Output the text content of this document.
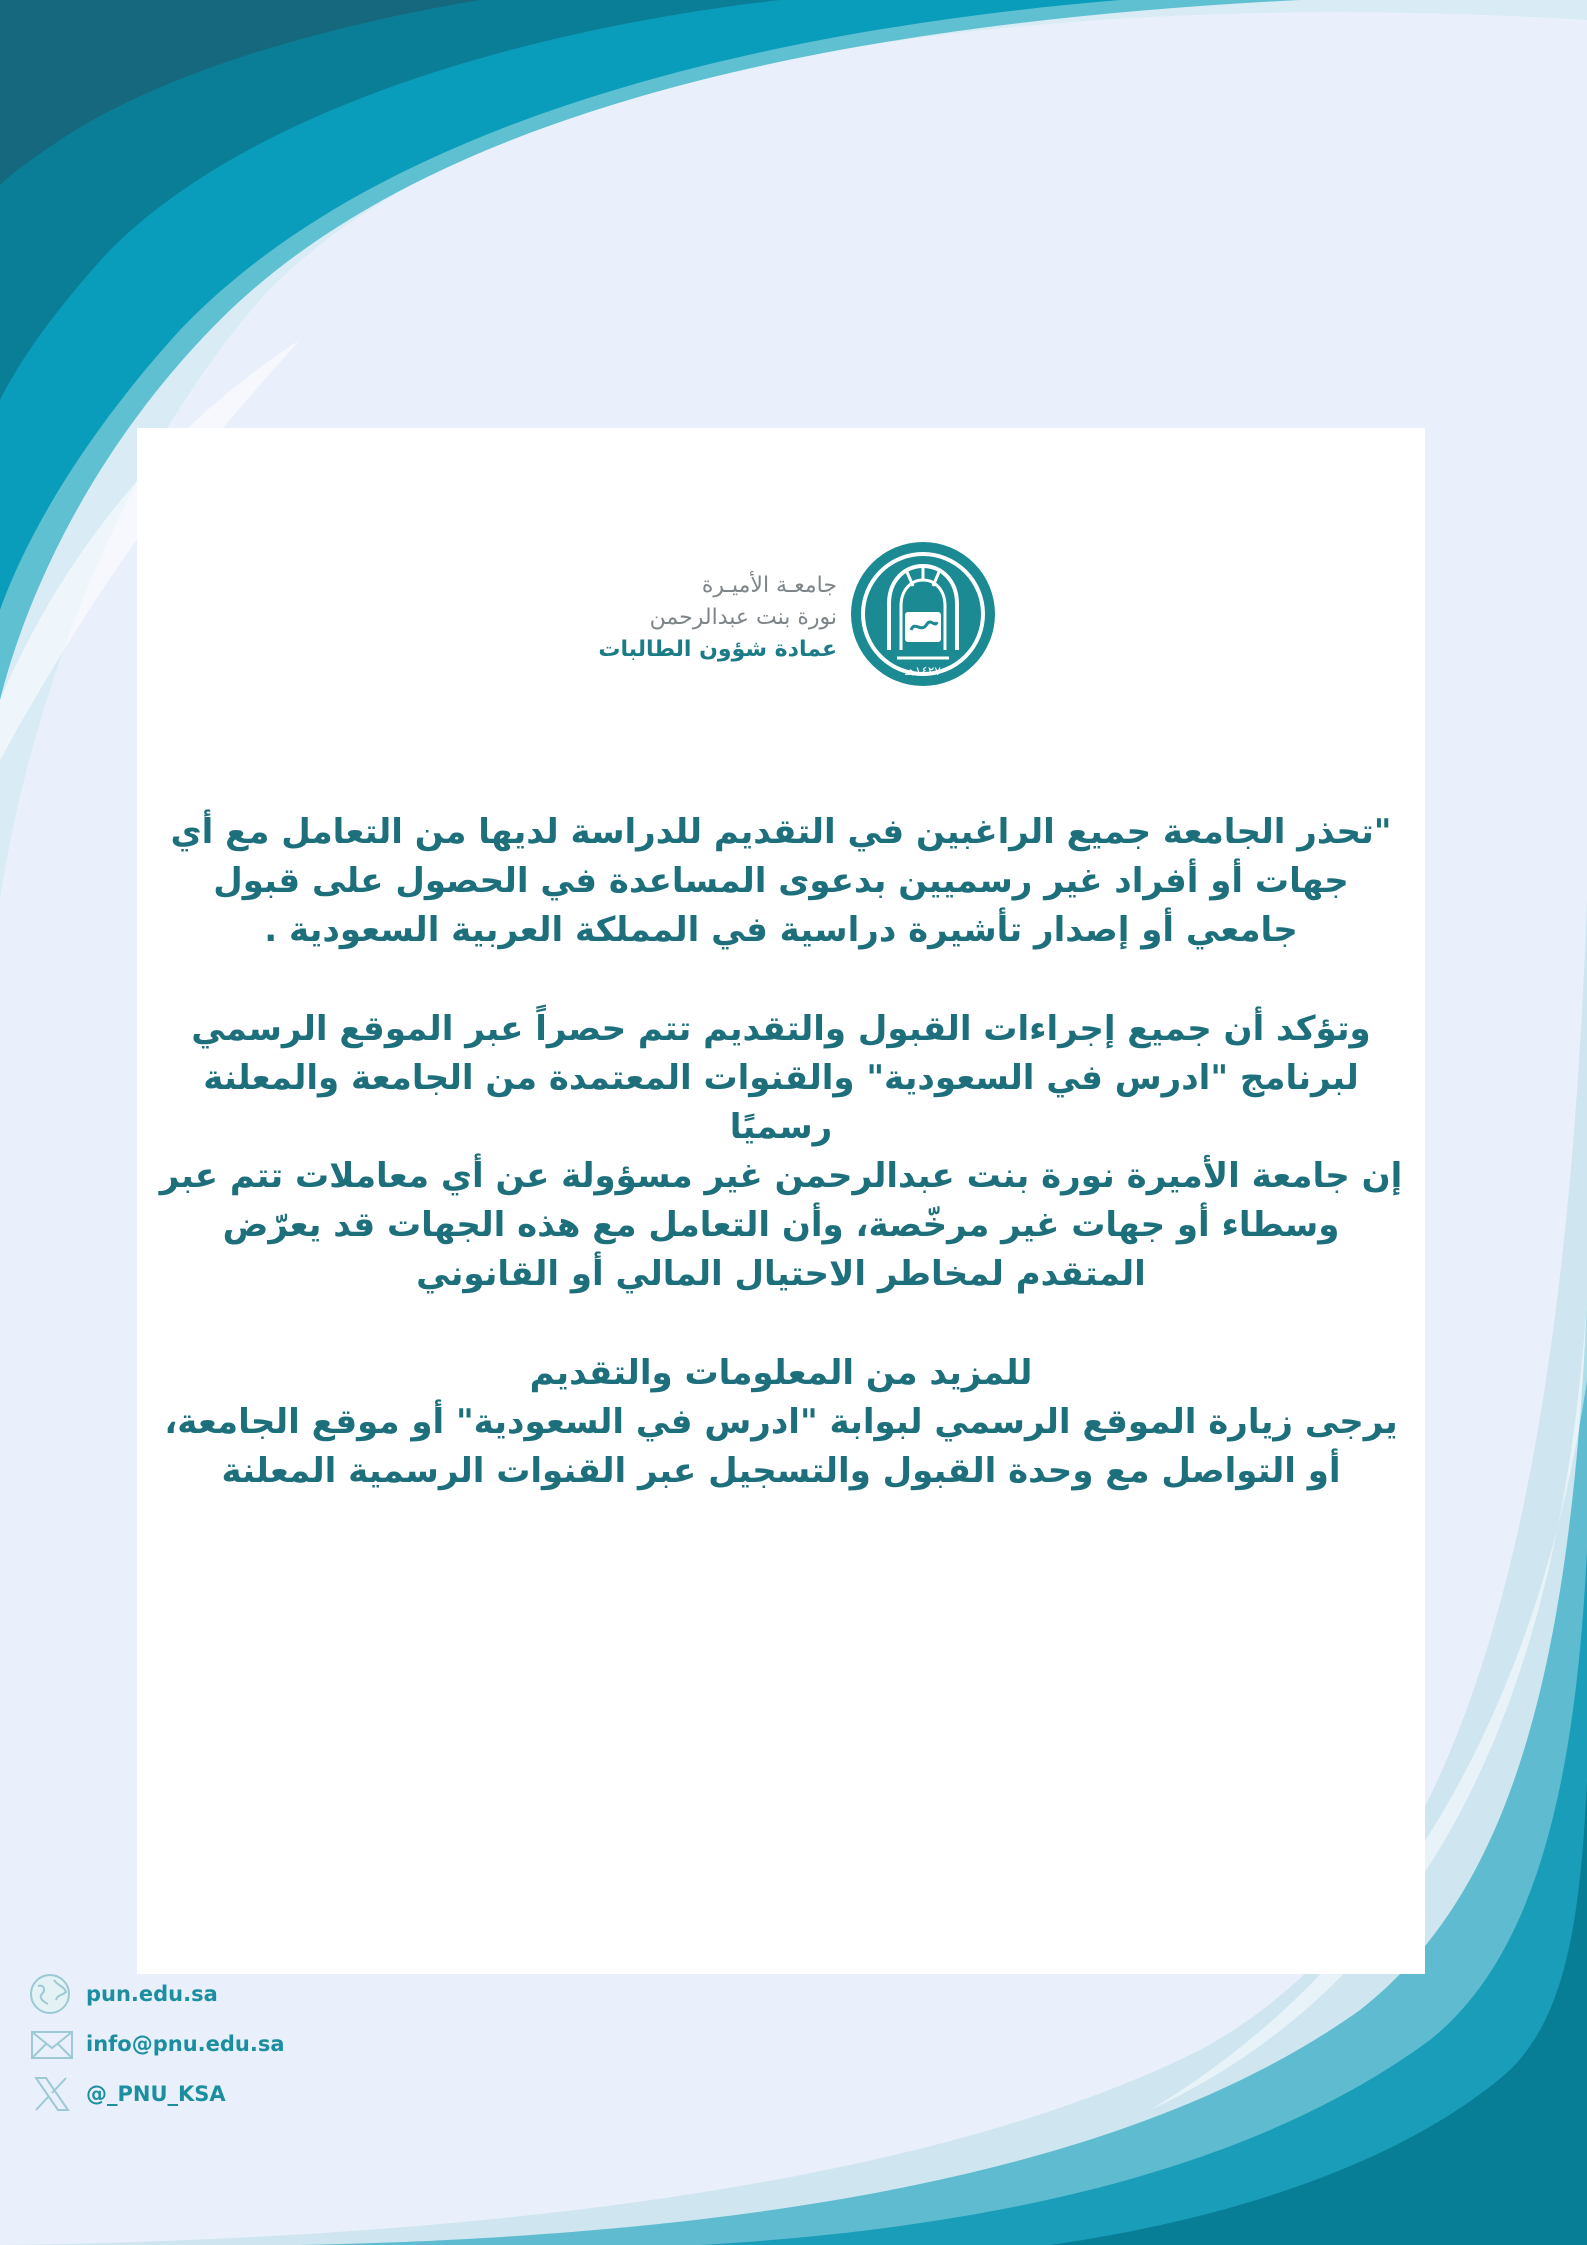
جامعـة الأميـرة
نورة بنت عبدالرحمن
عمادة شؤون الطالبات
١٤٢٧هـ

"تحذر الجامعة جميع الراغبين في التقديم للدراسة لديها من التعامل مع أي جهات أو أفراد غير رسميين بدعوى المساعدة في الحصول على قبول جامعي أو إصدار تأشيرة دراسية في المملكة العربية السعودية .

وتؤكد أن جميع إجراءات القبول والتقديم تتم حصراً عبر الموقع الرسمي لبرنامج "ادرس في السعودية" والقنوات المعتمدة من الجامعة والمعلنة رسميًا

إن جامعة الأميرة نورة بنت عبدالرحمن غير مسؤولة عن أي معاملات تتم عبر وسطاء أو جهات غير مرخّصة، وأن التعامل مع هذه الجهات قد يعرّض المتقدم لمخاطر الاحتيال المالي أو القانوني

للمزيد من المعلومات والتقديم

يرجى زيارة الموقع الرسمي لبوابة "ادرس في السعودية" أو موقع الجامعة، أو التواصل مع وحدة القبول والتسجيل عبر القنوات الرسمية المعلنة

pun.edu.sa
info@pnu.edu.sa
@_PNU_KSA
